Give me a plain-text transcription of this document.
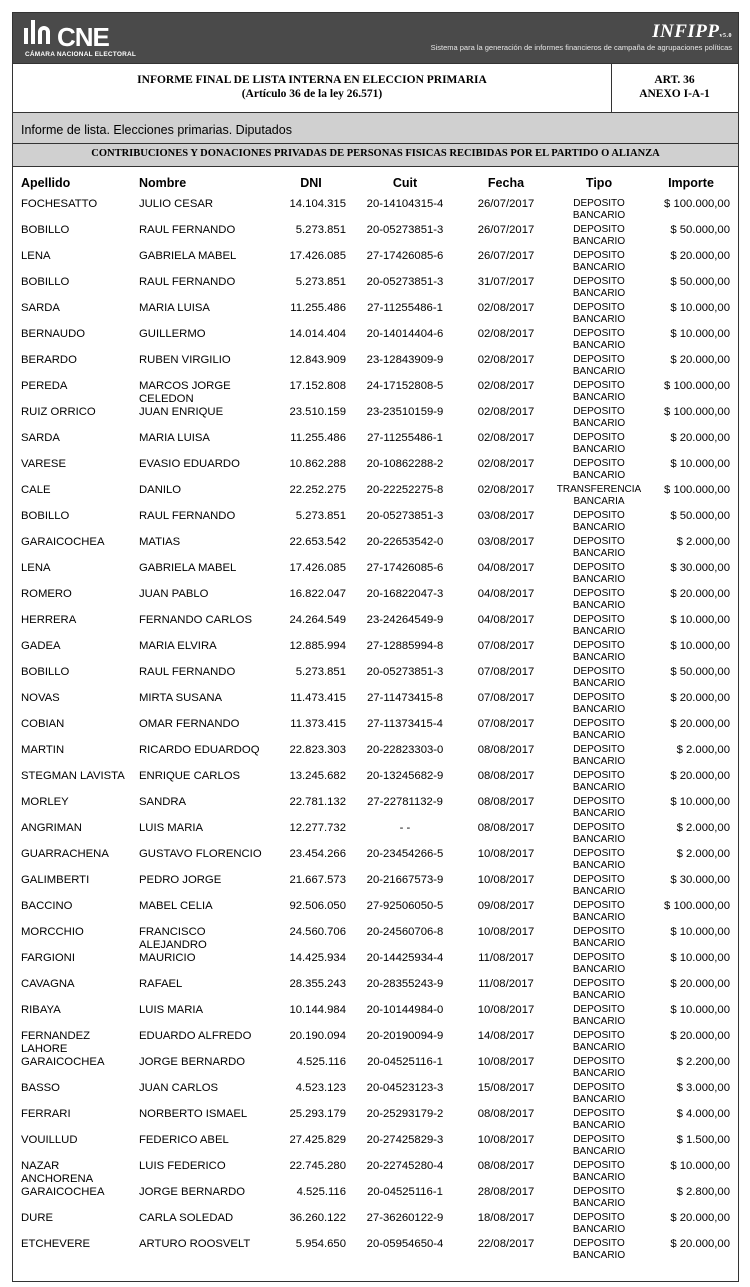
CNE
CÁMARA NACIONAL ELECTORAL
INFIPPv5.0
Sistema para la generación de informes financieros de campaña de agrupaciones políticas
INFORME FINAL DE LISTA INTERNA EN ELECCION PRIMARIA
(Artículo 36 de la ley 26.571)
ART. 36
ANEXO I-A-1
Informe de lista. Elecciones primarias. Diputados
CONTRIBUCIONES Y DONACIONES PRIVADAS DE PERSONAS FISICAS RECIBIDAS POR EL PARTIDO O ALIANZA
Apellido	Nombre	DNI	Cuit	Fecha	Tipo	Importe
FOCHESATTO	JULIO CESAR	14.104.315	20-14104315-4	26/07/2017	DEPOSITO BANCARIO	$ 100.000,00
BOBILLO	RAUL FERNANDO	5.273.851	20-05273851-3	26/07/2017	DEPOSITO BANCARIO	$ 50.000,00
LENA	GABRIELA MABEL	17.426.085	27-17426085-6	26/07/2017	DEPOSITO BANCARIO	$ 20.000,00
BOBILLO	RAUL FERNANDO	5.273.851	20-05273851-3	31/07/2017	DEPOSITO BANCARIO	$ 50.000,00
SARDA	MARIA LUISA	11.255.486	27-11255486-1	02/08/2017	DEPOSITO BANCARIO	$ 10.000,00
BERNAUDO	GUILLERMO	14.014.404	20-14014404-6	02/08/2017	DEPOSITO BANCARIO	$ 10.000,00
BERARDO	RUBEN VIRGILIO	12.843.909	23-12843909-9	02/08/2017	DEPOSITO BANCARIO	$ 20.000,00
PEREDA	MARCOS JORGE CELEDON	17.152.808	24-17152808-5	02/08/2017	DEPOSITO BANCARIO	$ 100.000,00
RUIZ ORRICO	JUAN ENRIQUE	23.510.159	23-23510159-9	02/08/2017	DEPOSITO BANCARIO	$ 100.000,00
SARDA	MARIA LUISA	11.255.486	27-11255486-1	02/08/2017	DEPOSITO BANCARIO	$ 20.000,00
VARESE	EVASIO EDUARDO	10.862.288	20-10862288-2	02/08/2017	DEPOSITO BANCARIO	$ 10.000,00
CALE	DANILO	22.252.275	20-22252275-8	02/08/2017	TRANSFERENCIA BANCARIA	$ 100.000,00
BOBILLO	RAUL FERNANDO	5.273.851	20-05273851-3	03/08/2017	DEPOSITO BANCARIO	$ 50.000,00
GARAICOCHEA	MATIAS	22.653.542	20-22653542-0	03/08/2017	DEPOSITO BANCARIO	$ 2.000,00
LENA	GABRIELA MABEL	17.426.085	27-17426085-6	04/08/2017	DEPOSITO BANCARIO	$ 30.000,00
ROMERO	JUAN PABLO	16.822.047	20-16822047-3	04/08/2017	DEPOSITO BANCARIO	$ 20.000,00
HERRERA	FERNANDO CARLOS	24.264.549	23-24264549-9	04/08/2017	DEPOSITO BANCARIO	$ 10.000,00
GADEA	MARIA ELVIRA	12.885.994	27-12885994-8	07/08/2017	DEPOSITO BANCARIO	$ 10.000,00
BOBILLO	RAUL FERNANDO	5.273.851	20-05273851-3	07/08/2017	DEPOSITO BANCARIO	$ 50.000,00
NOVAS	MIRTA SUSANA	11.473.415	27-11473415-8	07/08/2017	DEPOSITO BANCARIO	$ 20.000,00
COBIAN	OMAR FERNANDO	11.373.415	27-11373415-4	07/08/2017	DEPOSITO BANCARIO	$ 20.000,00
MARTIN	RICARDO EDUARDOQ	22.823.303	20-22823303-0	08/08/2017	DEPOSITO BANCARIO	$ 2.000,00
STEGMAN LAVISTA	ENRIQUE CARLOS	13.245.682	20-13245682-9	08/08/2017	DEPOSITO BANCARIO	$ 20.000,00
MORLEY	SANDRA	22.781.132	27-22781132-9	08/08/2017	DEPOSITO BANCARIO	$ 10.000,00
ANGRIMAN	LUIS MARIA	12.277.732	- -	08/08/2017	DEPOSITO BANCARIO	$ 2.000,00
GUARRACHENA	GUSTAVO FLORENCIO	23.454.266	20-23454266-5	10/08/2017	DEPOSITO BANCARIO	$ 2.000,00
GALIMBERTI	PEDRO JORGE	21.667.573	20-21667573-9	10/08/2017	DEPOSITO BANCARIO	$ 30.000,00
BACCINO	MABEL CELIA	92.506.050	27-92506050-5	09/08/2017	DEPOSITO BANCARIO	$ 100.000,00
MORCCHIO	FRANCISCO ALEJANDRO	24.560.706	20-24560706-8	10/08/2017	DEPOSITO BANCARIO	$ 10.000,00
FARGIONI	MAURICIO	14.425.934	20-14425934-4	11/08/2017	DEPOSITO BANCARIO	$ 10.000,00
CAVAGNA	RAFAEL	28.355.243	20-28355243-9	11/08/2017	DEPOSITO BANCARIO	$ 20.000,00
RIBAYA	LUIS MARIA	10.144.984	20-10144984-0	10/08/2017	DEPOSITO BANCARIO	$ 10.000,00
FERNANDEZ LAHORE	EDUARDO ALFREDO	20.190.094	20-20190094-9	14/08/2017	DEPOSITO BANCARIO	$ 20.000,00
GARAICOCHEA	JORGE BERNARDO	4.525.116	20-04525116-1	10/08/2017	DEPOSITO BANCARIO	$ 2.200,00
BASSO	JUAN CARLOS	4.523.123	20-04523123-3	15/08/2017	DEPOSITO BANCARIO	$ 3.000,00
FERRARI	NORBERTO ISMAEL	25.293.179	20-25293179-2	08/08/2017	DEPOSITO BANCARIO	$ 4.000,00
VOUILLUD	FEDERICO ABEL	27.425.829	20-27425829-3	10/08/2017	DEPOSITO BANCARIO	$ 1.500,00
NAZAR ANCHORENA	LUIS FEDERICO	22.745.280	20-22745280-4	08/08/2017	DEPOSITO BANCARIO	$ 10.000,00
GARAICOCHEA	JORGE BERNARDO	4.525.116	20-04525116-1	28/08/2017	DEPOSITO BANCARIO	$ 2.800,00
DURE	CARLA SOLEDAD	36.260.122	27-36260122-9	18/08/2017	DEPOSITO BANCARIO	$ 20.000,00
ETCHEVERE	ARTURO ROOSVELT	5.954.650	20-05954650-4	22/08/2017	DEPOSITO BANCARIO	$ 20.000,00
